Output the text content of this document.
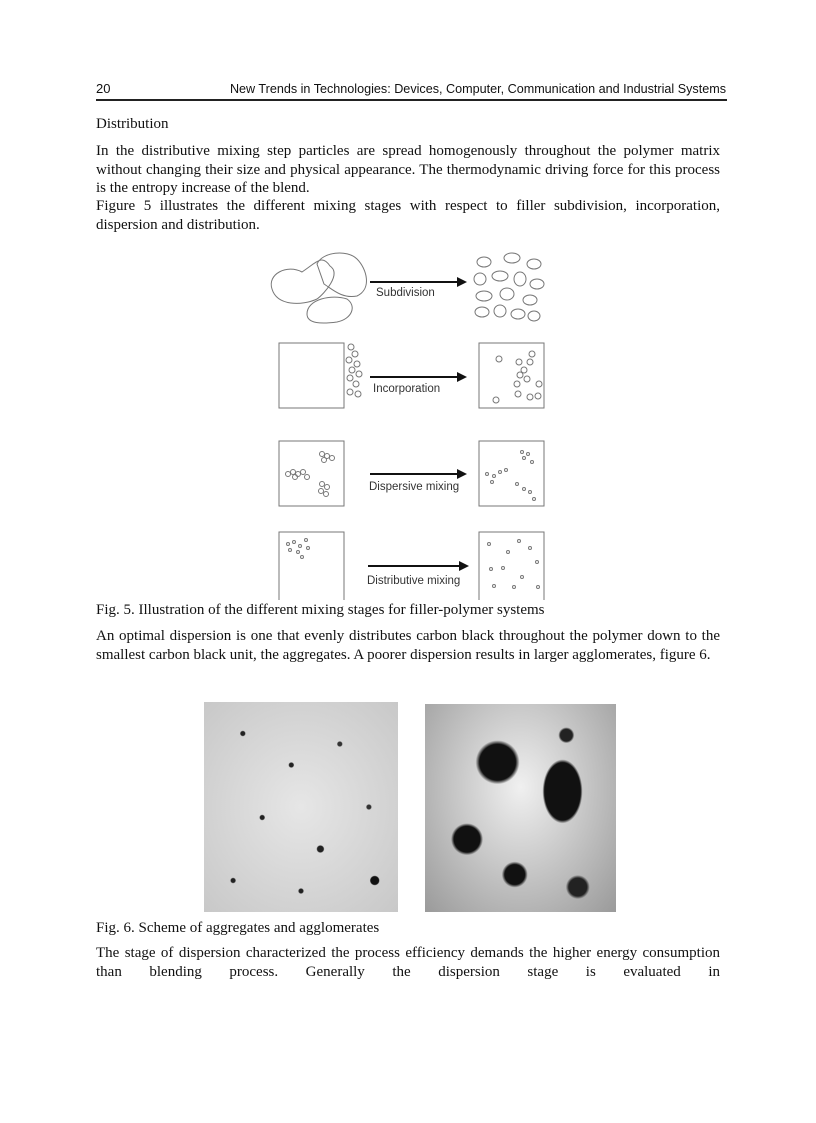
20	New Trends in Technologies: Devices, Computer, Communication and Industrial Systems

Distribution

In the distributive mixing step particles are spread homogenously throughout the polymer matrix without changing their size and physical appearance. The thermodynamic driving force for this process is the entropy increase of the blend.

Figure 5 illustrates the different mixing stages with respect to filler subdivision, incorporation, dispersion and distribution.

Subdivision
Incorporation
Dispersive mixing
Distributive mixing

Fig. 5. Illustration of the different mixing stages for filler-polymer systems

An optimal dispersion is one that evenly distributes carbon black throughout the polymer down to the smallest carbon black unit, the aggregates. A poorer dispersion results in larger agglomerates, figure 6.

Fig. 6. Scheme of aggregates and agglomerates

The stage of dispersion characterized the process efficiency demands the higher energy consumption than blending process. Generally the dispersion stage is evaluated in
